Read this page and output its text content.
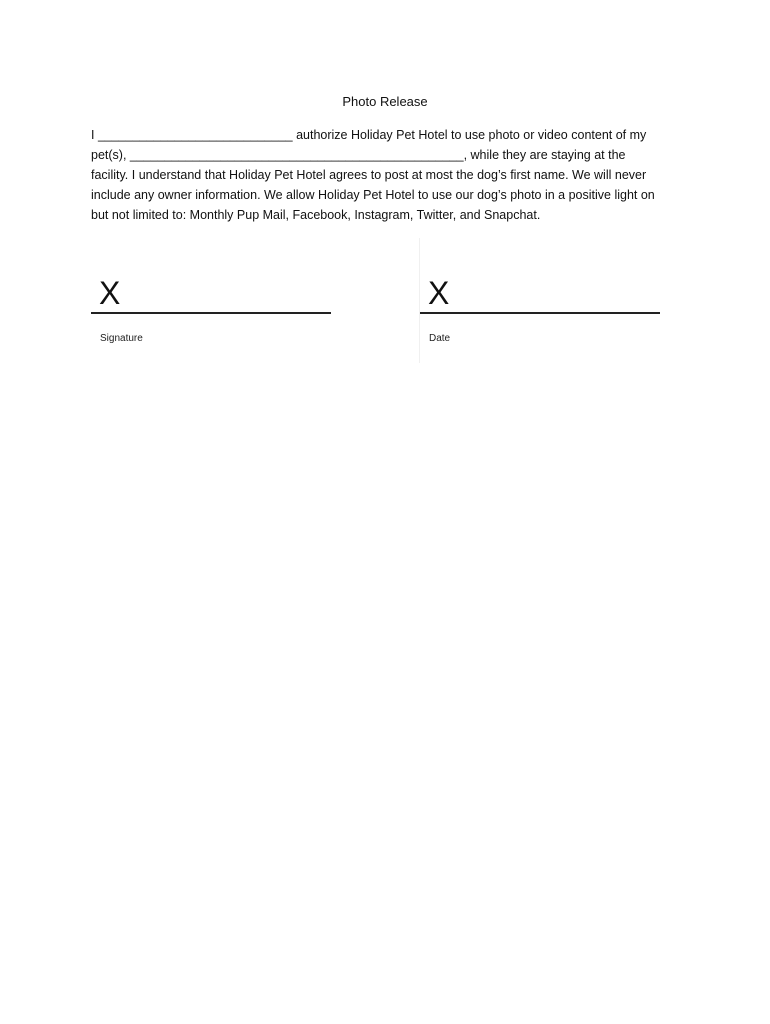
Photo Release
I ____________________________ authorize Holiday Pet Hotel to use photo or video content of my
pet(s), ________________________________________________, while they are staying at the
facility. I understand that Holiday Pet Hotel agrees to post at most the dog’s first name. We will never
include any owner information. We allow Holiday Pet Hotel to use our dog’s photo in a positive light on
but not limited to: Monthly Pup Mail, Facebook, Instagram, Twitter, and Snapchat.
X
Signature
X
Date
